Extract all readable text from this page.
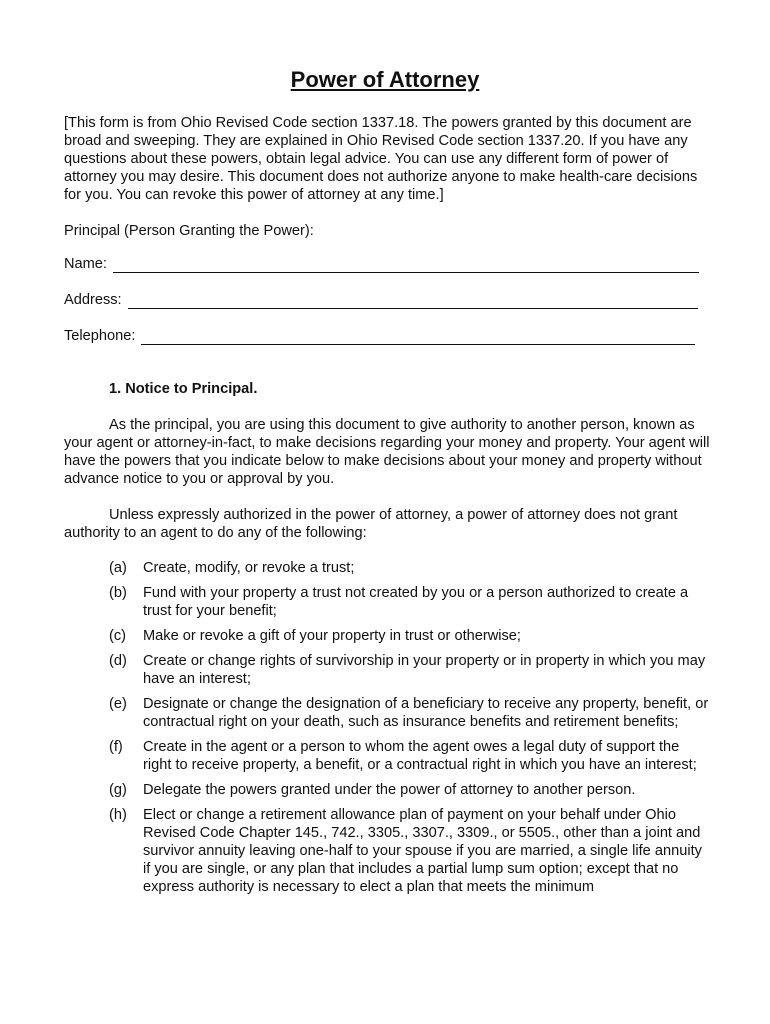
Power of Attorney
[This form is from Ohio Revised Code section 1337.18. The powers granted by this document are broad and sweeping. They are explained in Ohio Revised Code section 1337.20. If you have any questions about these powers, obtain legal advice. You can use any different form of power of attorney you may desire. This document does not authorize anyone to make health-care decisions for you. You can revoke this power of attorney at any time.]
Principal (Person Granting the Power):
Name:
Address:
Telephone:
1. Notice to Principal.
As the principal, you are using this document to give authority to another person, known as your agent or attorney-in-fact, to make decisions regarding your money and property. Your agent will have the powers that you indicate below to make decisions about your money and property without advance notice to you or approval by you.
Unless expressly authorized in the power of attorney, a power of attorney does not grant authority to an agent to do any of the following:
(a)	Create, modify, or revoke a trust;
(b)	Fund with your property a trust not created by you or a person authorized to create a trust for your benefit;
(c)	Make or revoke a gift of your property in trust or otherwise;
(d)	Create or change rights of survivorship in your property or in property in which you may have an interest;
(e)	Designate or change the designation of a beneficiary to receive any property, benefit, or contractual right on your death, such as insurance benefits and retirement benefits;
(f)	Create in the agent or a person to whom the agent owes a legal duty of support the right to receive property, a benefit, or a contractual right in which you have an interest;
(g)	Delegate the powers granted under the power of attorney to another person.
(h)	Elect or change a retirement allowance plan of payment on your behalf under Ohio Revised Code Chapter 145., 742., 3305., 3307., 3309., or 5505., other than a joint and survivor annuity leaving one-half to your spouse if you are married, a single life annuity if you are single, or any plan that includes a partial lump sum option; except that no express authority is necessary to elect a plan that meets the minimum
